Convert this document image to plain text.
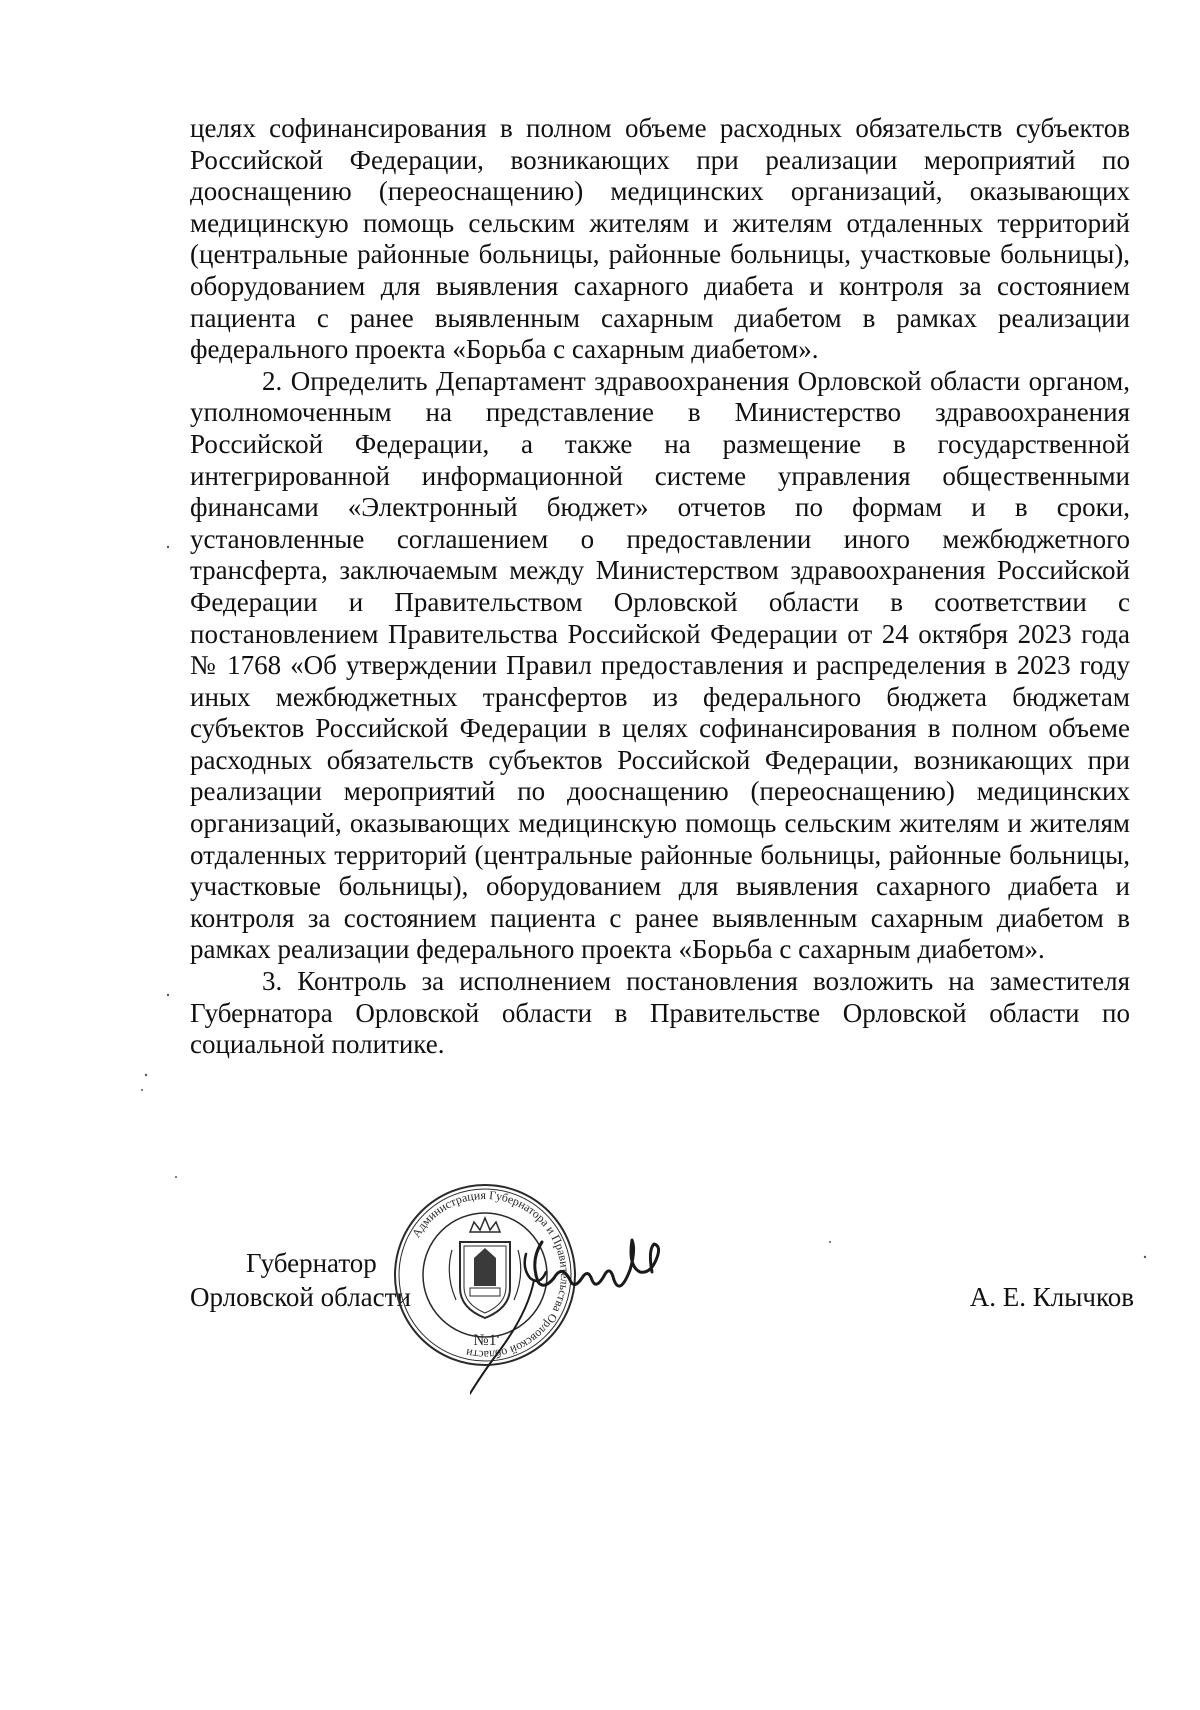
целях софинансирования в полном объеме расходных обязательств субъектов Российской Федерации, возникающих при реализации мероприятий по дооснащению (переоснащению) медицинских организаций, оказывающих медицинскую помощь сельским жителям и жителям отдаленных территорий (центральные районные больницы, районные больницы, участковые больницы), оборудованием для выявления сахарного диабета и контроля за состоянием пациента с ранее выявленным сахарным диабетом в рамках реализации федерального проекта «Борьба с сахарным диабетом».

2. Определить Департамент здравоохранения Орловской области органом, уполномоченным на представление в Министерство здравоохранения Российской Федерации, а также на размещение в государственной интегрированной информационной системе управления общественными финансами «Электронный бюджет» отчетов по формам и в сроки, установленные соглашением о предоставлении иного межбюджетного трансферта, заключаемым между Министерством здравоохранения Российской Федерации и Правительством Орловской области в соответствии с постановлением Правительства Российской Федерации от 24 октября 2023 года № 1768 «Об утверждении Правил предоставления и распределения в 2023 году иных межбюджетных трансфертов из федерального бюджета бюджетам субъектов Российской Федерации в целях софинансирования в полном объеме расходных обязательств субъектов Российской Федерации, возникающих при реализации мероприятий по дооснащению (переоснащению) медицинских организаций, оказывающих медицинскую помощь сельским жителям и жителям отдаленных территорий (центральные районные больницы, районные больницы, участковые больницы), оборудованием для выявления сахарного диабета и контроля за состоянием пациента с ранее выявленным сахарным диабетом в рамках реализации федерального проекта «Борьба с сахарным диабетом».

3. Контроль за исполнением постановления возложить на заместителя Губернатора Орловской области в Правительстве Орловской области по социальной политике.

Губернатор
Орловской области	А. Е. Клычков
Администрация Губернатора и Правительства Орловской области
№1
